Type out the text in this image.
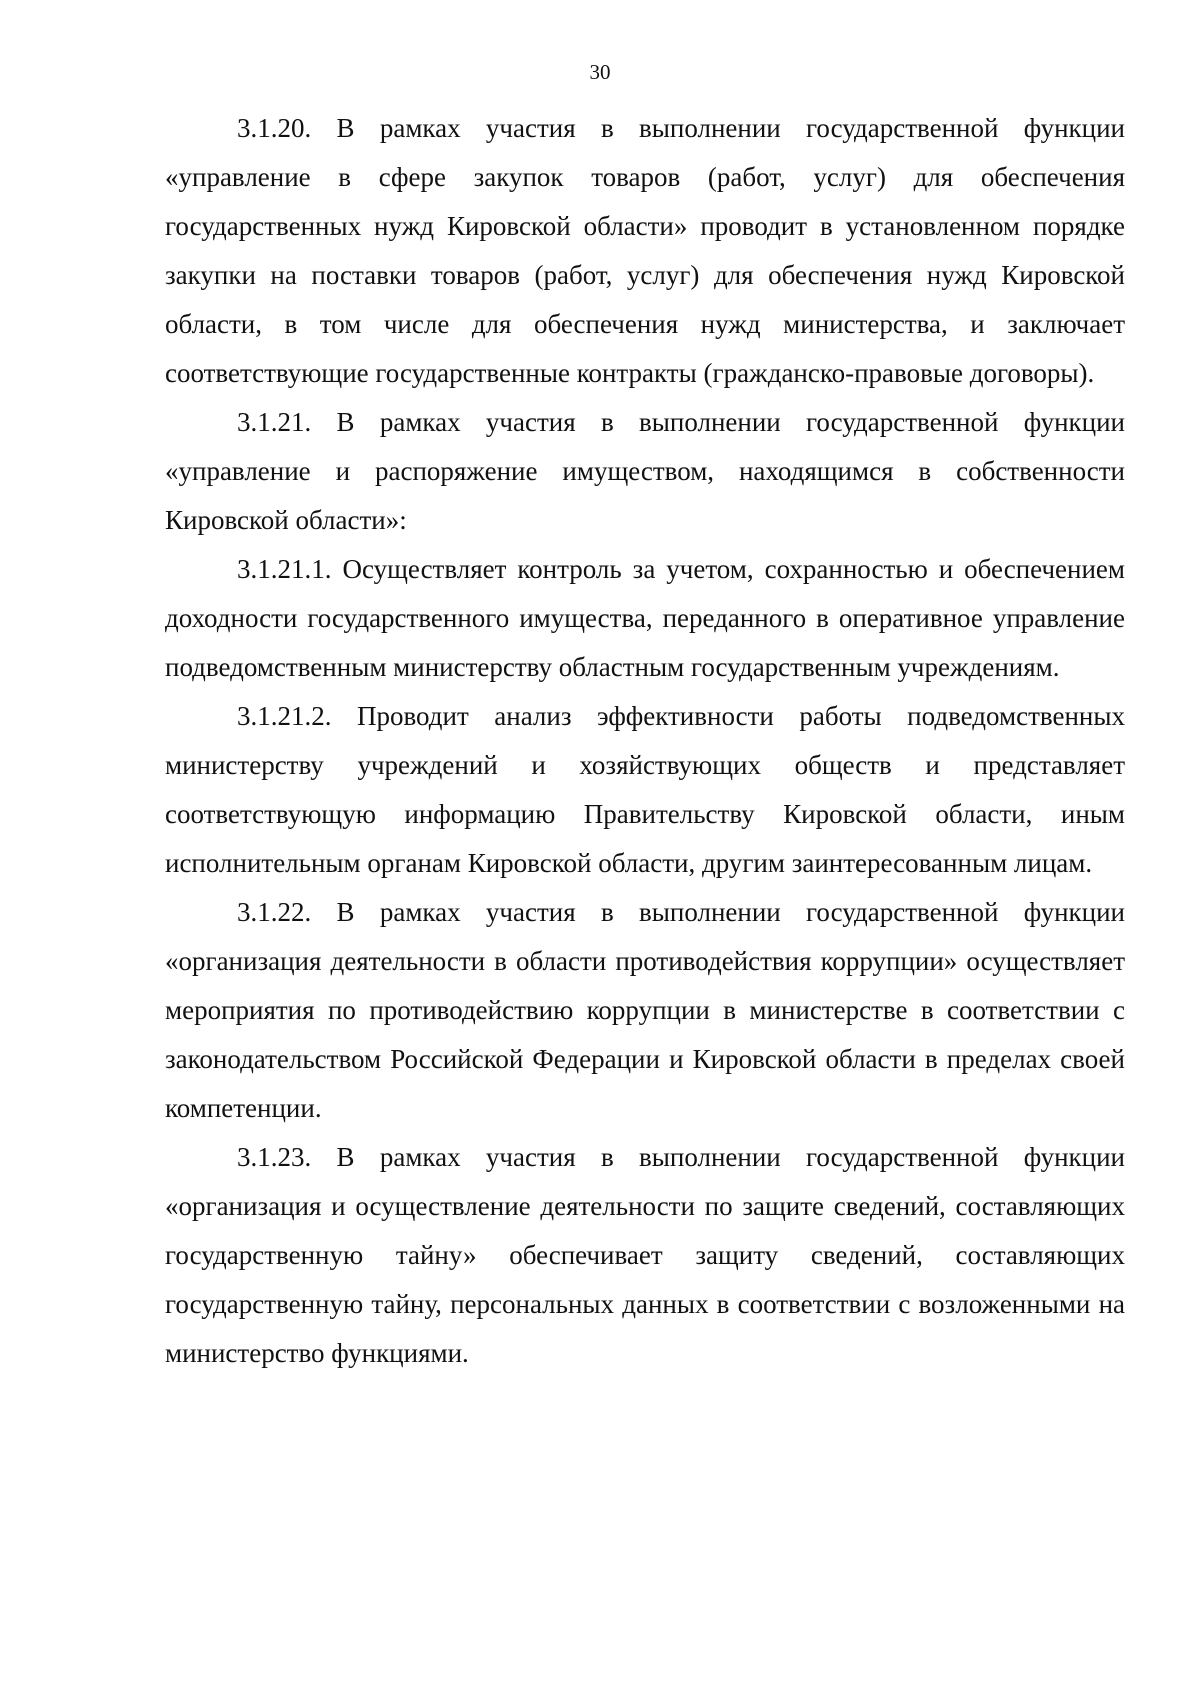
30

3.1.20. В рамках участия в выполнении государственной функции «управление в сфере закупок товаров (работ, услуг) для обеспечения государственных нужд Кировской области» проводит в установленном порядке закупки на поставки товаров (работ, услуг) для обеспечения нужд Кировской области, в том числе для обеспечения нужд министерства, и заключает соответствующие государственные контракты (гражданско-правовые договоры).

3.1.21. В рамках участия в выполнении государственной функции «управление и распоряжение имуществом, находящимся в собственности Кировской области»:

3.1.21.1. Осуществляет контроль за учетом, сохранностью и обеспечением доходности государственного имущества, переданного в оперативное управление подведомственным министерству областным государственным учреждениям.

3.1.21.2. Проводит анализ эффективности работы подведомственных министерству учреждений и хозяйствующих обществ и представляет соответствующую информацию Правительству Кировской области, иным исполнительным органам Кировской области, другим заинтересованным лицам.

3.1.22. В рамках участия в выполнении государственной функции «организация деятельности в области противодействия коррупции» осуществляет мероприятия по противодействию коррупции в министерстве в соответствии с законодательством Российской Федерации и Кировской области в пределах своей компетенции.

3.1.23. В рамках участия в выполнении государственной функции «организация и осуществление деятельности по защите сведений, составляющих государственную тайну» обеспечивает защиту сведений, составляющих государственную тайну, персональных данных в соответствии с возложенными на министерство функциями.
